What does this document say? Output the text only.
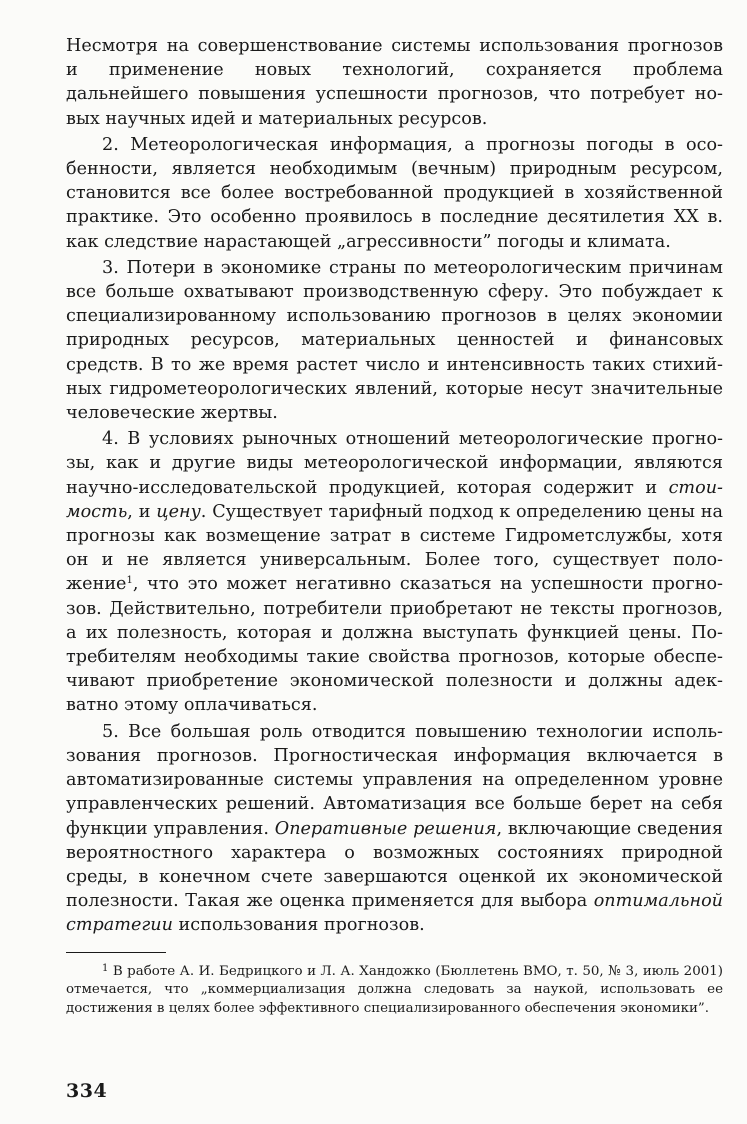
Несмотря на совершенствование системы использования прогнозов и применение новых технологий, сохраняется проблема дальнейшего повышения успешности прогнозов, что потребует новых научных идей и материальных ресурсов.

2. Метеорологическая информация, а прогнозы погоды в особенности, является необходимым (вечным) природным ресурсом, становится все более востребованной продукцией в хозяйственной практике. Это особенно проявилось в последние десятилетия XX в. как следствие нарастающей „агрессивности” погоды и климата.

3. Потери в экономике страны по метеорологическим причинам все больше охватывают производственную сферу. Это побуждает к специализированному использованию прогнозов в целях экономии природных ресурсов, материальных ценностей и финансовых средств. В то же время растет число и интенсивность таких стихийных гидрометеорологических явлений, которые несут значительные человеческие жертвы.

4. В условиях рыночных отношений метеорологические прогнозы, как и другие виды метеорологической информации, являются научно-исследовательской продукцией, которая содержит и стоимость, и цену. Существует тарифный подход к определению цены на прогнозы как возмещение затрат в системе Гидрометслужбы, хотя он и не является универсальным. Более того, существует положение$^1$, что это может негативно сказаться на успешности прогнозов. Действительно, потребители приобретают не тексты прогнозов, а их полезность, которая и должна выступать функцией цены. Потребителям необходимы такие свойства прогнозов, которые обеспечивают приобретение экономической полезности и должны адекватно этому оплачиваться.

5. Все большая роль отводится повышению технологии использования прогнозов. Прогностическая информация включается в автоматизированные системы управления на определенном уровне управленческих решений. Автоматизация все больше берет на себя функции управления. Оперативные решения, включающие сведения вероятностного характера о возможных состояниях природной среды, в конечном счете завершаются оценкой их экономической полезности. Такая же оценка применяется для выбора оптимальной стратегии использования прогнозов.

$^1$ В работе А. И. Бедрицкого и Л. А. Хандожко (Бюллетень ВМО, т. 50, № 3, июль 2001) отмечается, что „коммерциализация должна следовать за наукой, использовать ее достижения в целях более эффективного специализированного обеспечения экономики”.

334
